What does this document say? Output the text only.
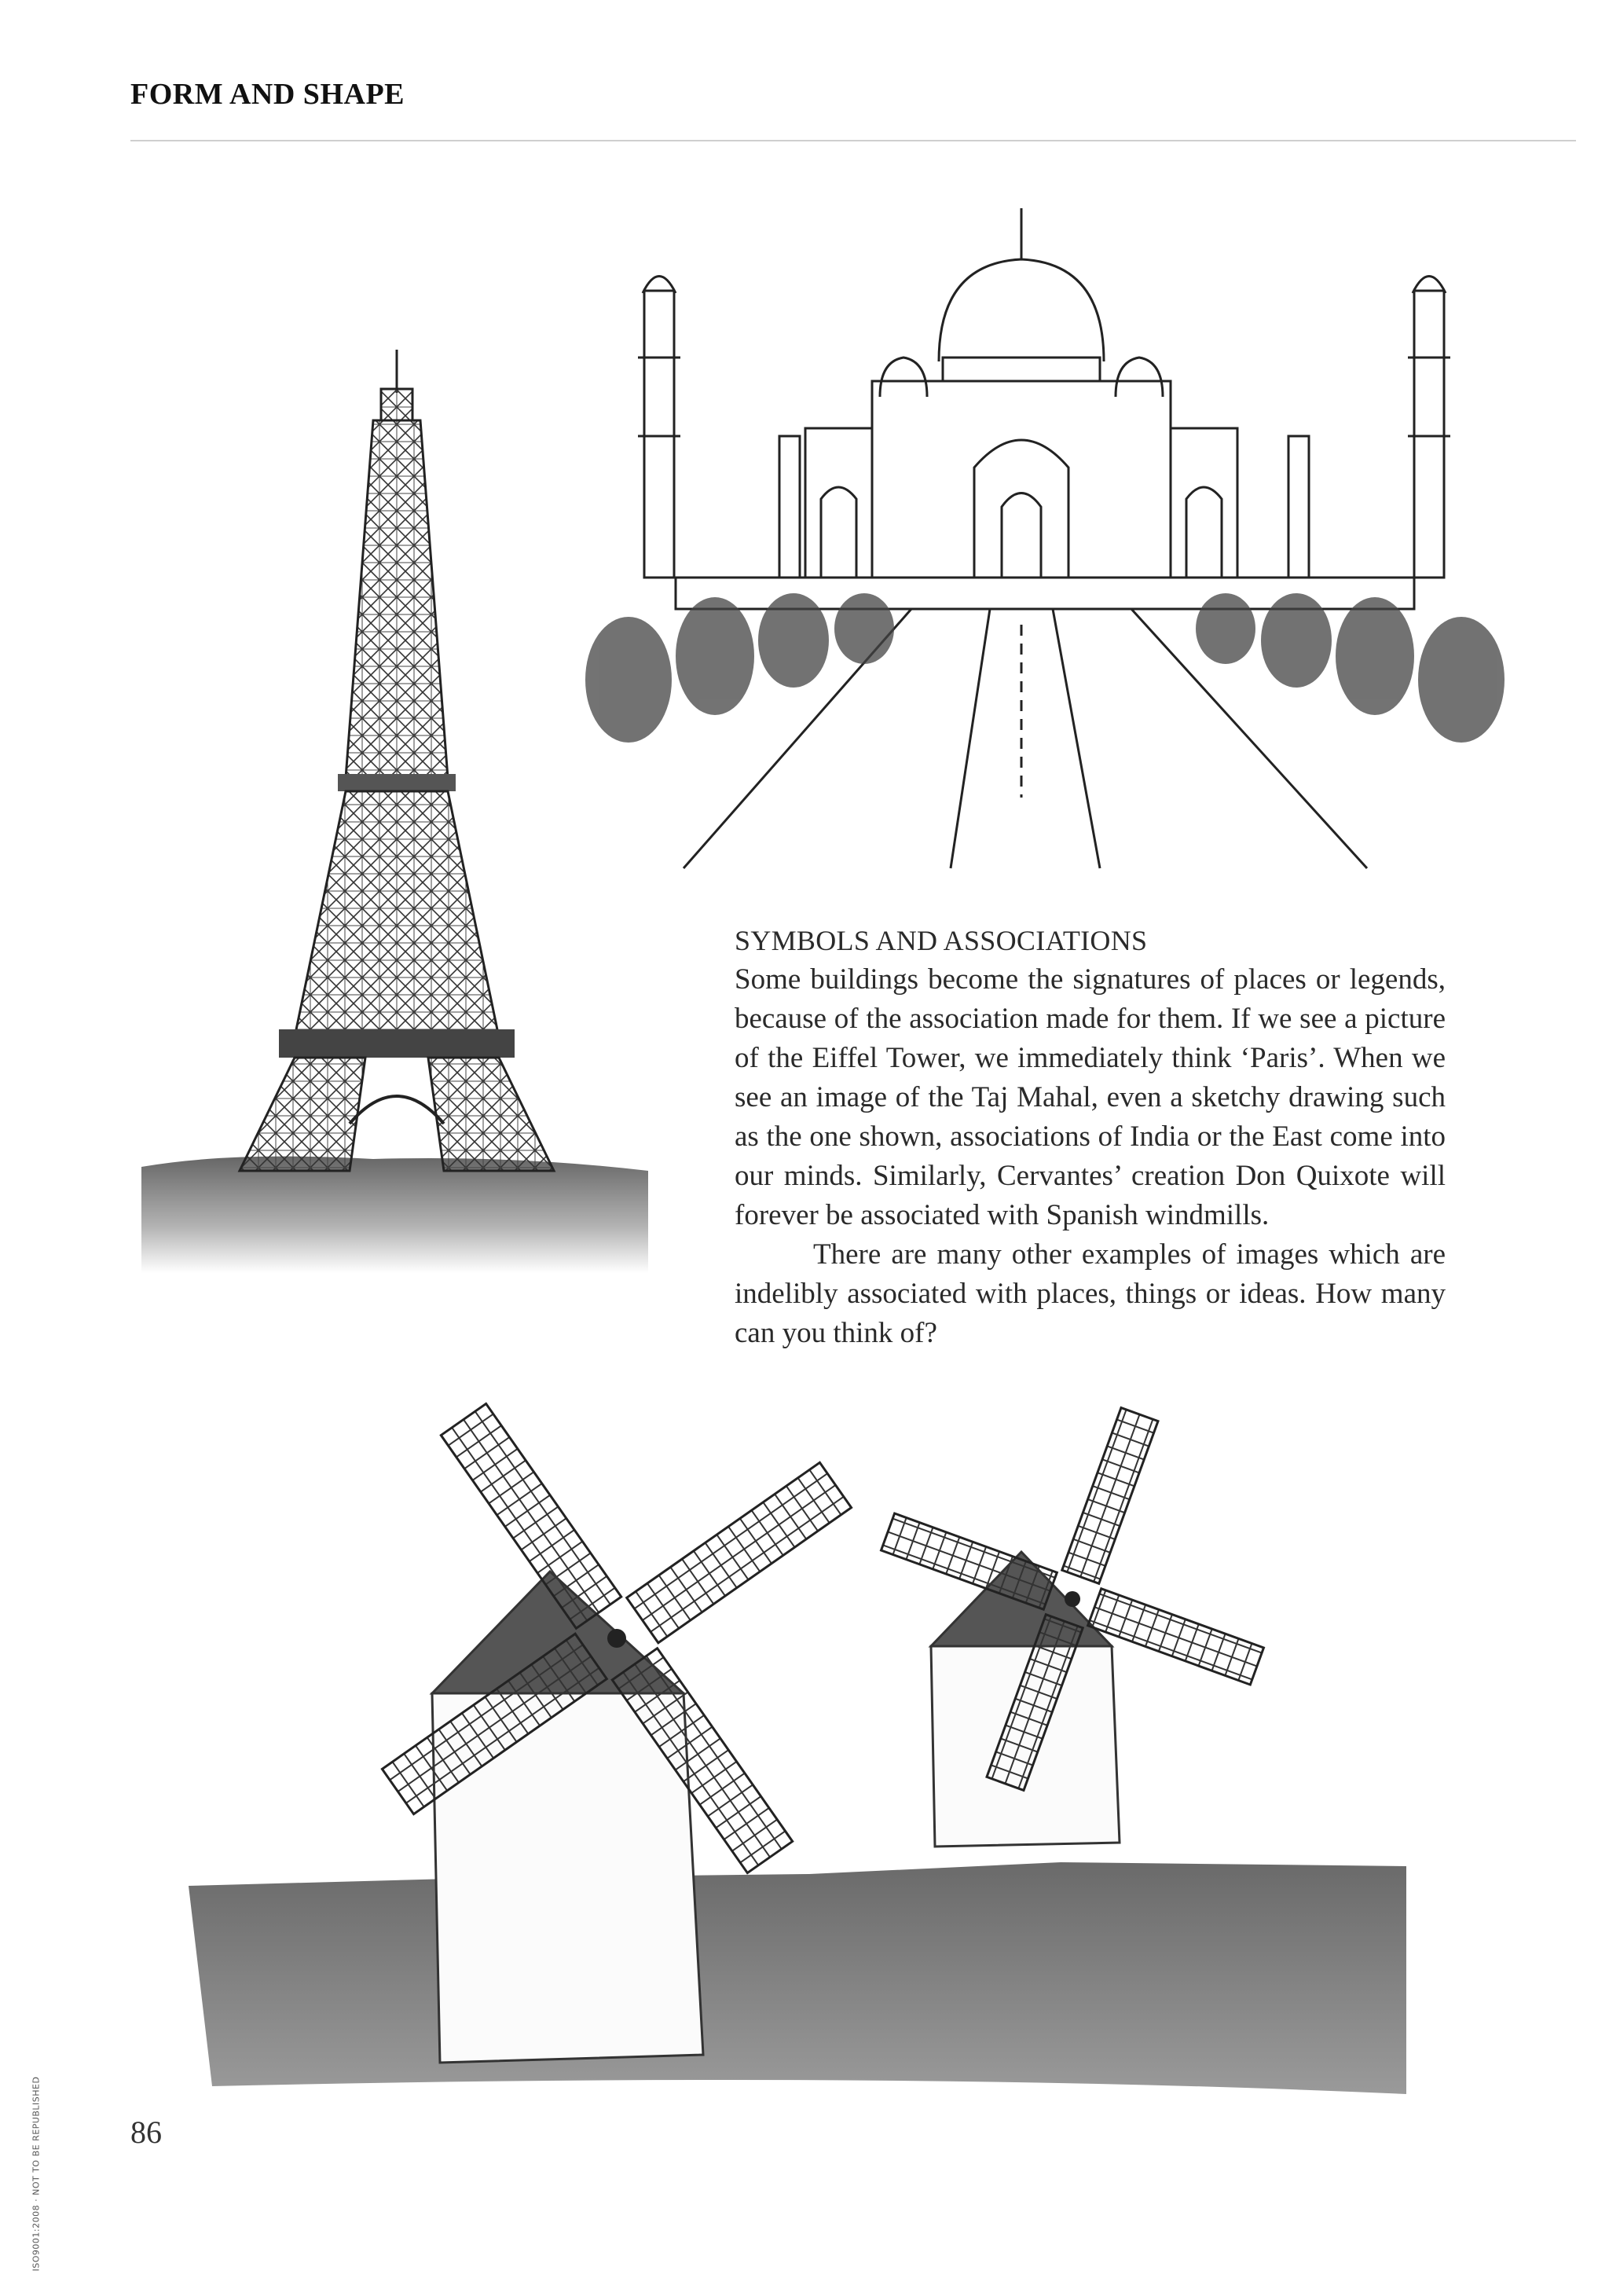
FORM AND SHAPE
SYMBOLS AND ASSOCIATIONS

Some buildings become the signatures of places or legends, because of the association made for them. If we see a picture of the Eiffel Tower, we immediately think ‘Paris’. When we see an image of the Taj Mahal, even a sketchy drawing such as the one shown, associations of India or the East come into our minds. Similarly, Cervantes’ creation Don Quixote will forever be associated with Spanish windmills.

There are many other examples of images which are indelibly associated with places, things or ideas. How many can you think of?

86
ISO9001:2008 · NOT TO BE REPUBLISHED
